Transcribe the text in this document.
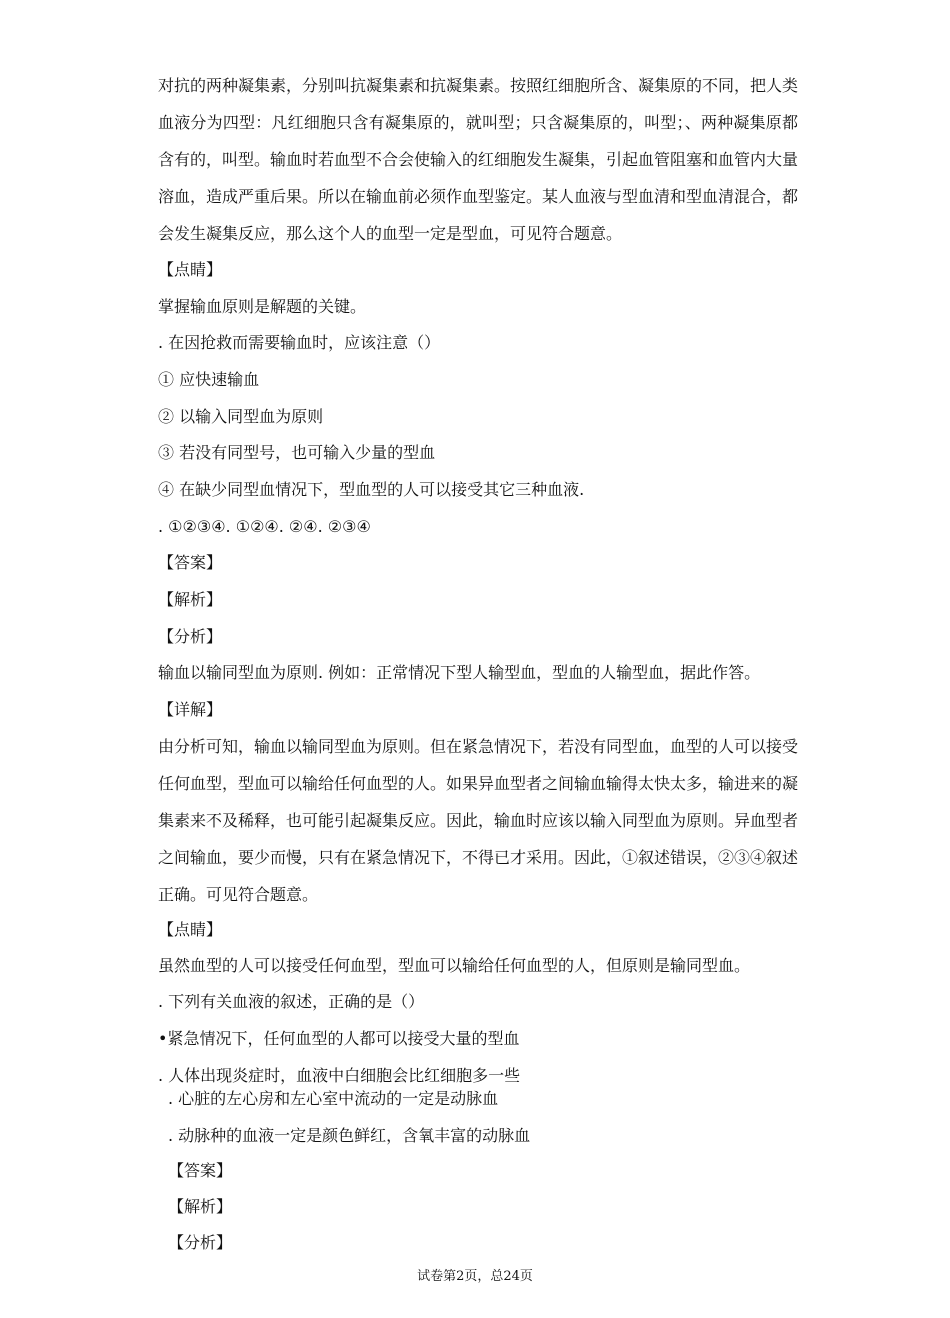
对抗的两种凝集素，分别叫抗凝集素和抗凝集素。按照红细胞所含、凝集原的不同，把人类血液分为四型：凡红细胞只含有凝集原的，就叫型；只含凝集原的，叫型；、两种凝集原都含有的，叫型。输血时若血型不合会使输入的红细胞发生凝集，引起血管阻塞和血管内大量溶血，造成严重后果。所以在输血前必须作血型鉴定。某人血液与型血清和型血清混合，都会发生凝集反应，那么这个人的血型一定是型血，可见符合题意。
【点睛】
掌握输血原则是解题的关键。
. 在因抢救而需要输血时，应该注意（）
① 应快速输血
② 以输入同型血为原则
③ 若没有同型号，也可输入少量的型血
④ 在缺少同型血情况下，型血型的人可以接受其它三种血液.
. ①②③④. ①②④. ②④. ②③④
【答案】
【解析】
【分析】
输血以输同型血为原则. 例如：正常情况下型人输型血，型血的人输型血，据此作答。
【详解】
由分析可知，输血以输同型血为原则。但在紧急情况下，若没有同型血，血型的人可以接受任何血型，型血可以输给任何血型的人。如果异血型者之间输血输得太快太多，输进来的凝集素来不及稀释，也可能引起凝集反应。因此，输血时应该以输入同型血为原则。异血型者之间输血，要少而慢，只有在紧急情况下，不得已才采用。因此，①叙述错误，②③④叙述正确。可见符合题意。
【点睛】
虽然血型的人可以接受任何血型，型血可以输给任何血型的人，但原则是输同型血。
. 下列有关血液的叙述，正确的是（）
•紧急情况下，任何血型的人都可以接受大量的型血
. 人体出现炎症时，血液中白细胞会比红细胞多一些
. 心脏的左心房和左心室中流动的一定是动脉血
. 动脉种的血液一定是颜色鲜红，含氧丰富的动脉血
【答案】
【解析】
【分析】
试卷第2页，总24页
